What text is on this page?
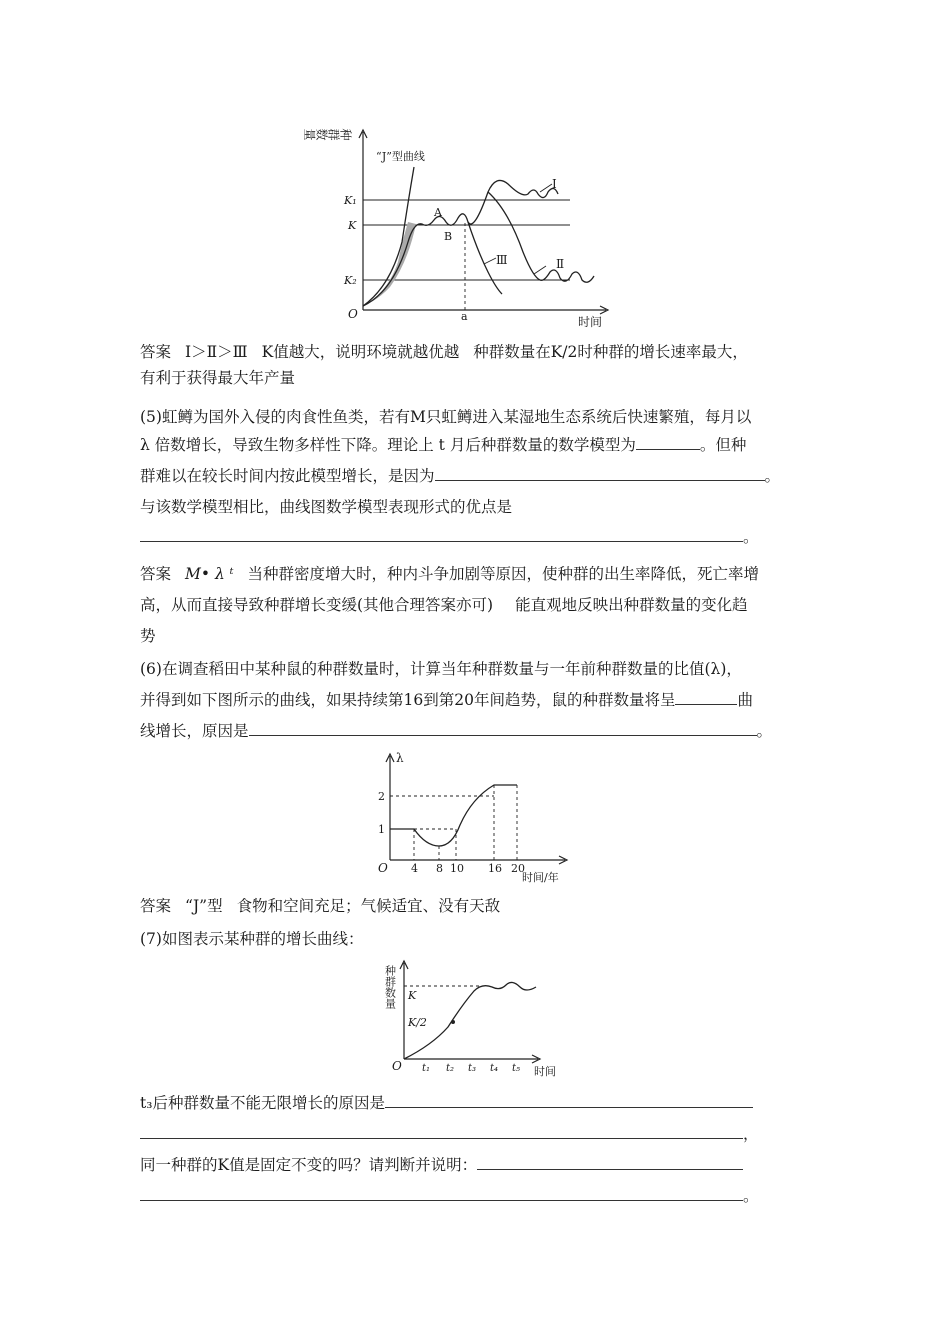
种群数量
“J”型曲线
K₁
K
K₂
A
B
a
O
时间
Ⅰ
Ⅱ
Ⅲ
答案 Ⅰ＞Ⅱ＞Ⅲ K值越大，说明环境就越优越 种群数量在K/2时种群的增长速率最大，
有利于获得最大年产量
(5)虹鳟为国外入侵的肉食性鱼类，若有M只虹鳟进入某湿地生态系统后快速繁殖，每月以
λ 倍数增长，导致生物多样性下降。理论上 t 月后种群数量的数学模型为	。但种
群难以在较长时间内按此模型增长，是因为	。
与该数学模型相比，曲线图数学模型表现形式的优点是
。
答案 M• λ ᵗ 当种群密度增大时，种内斗争加剧等原因，使种群的出生率降低，死亡率增
高，从而直接导致种群增长变缓(其他合理答案亦可) 能直观地反映出种群数量的变化趋
势
(6)在调查稻田中某种鼠的种群数量时，计算当年种群数量与一年前种群数量的比值(λ)，
并得到如下图所示的曲线，如果持续第16到第20年间趋势，鼠的种群数量将呈	曲
线增长，原因是	。
λ
1
2
O 4 8 10 16 20
时间/年
答案 “J”型 食物和空间充足；气候适宜、没有天敌
(7)如图表示某种群的增长曲线：
种群数量 K
K/2
O t₁ t₂ t₃ t₄ t₅ 时间
t₃后种群数量不能无限增长的原因是
，
同一种群的K值是固定不变的吗？请判断并说明：
。
